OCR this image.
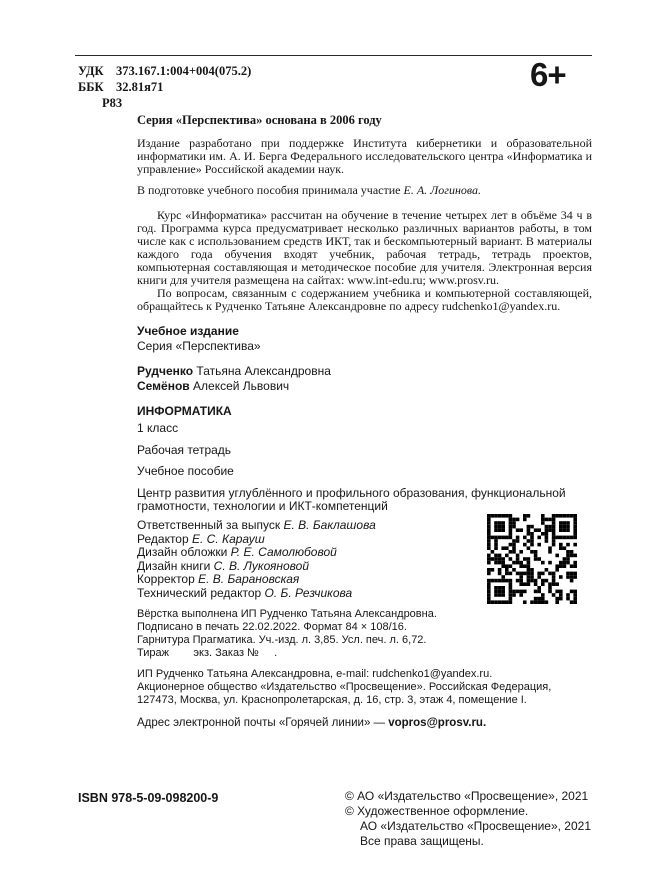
УДК 373.167.1:004+004(075.2)
ББК 32.81я71
Р83
6+
Серия «Перспектива» основана в 2006 году

Издание разработано при поддержке Института кибернетики и образовательной информатики им. А. И. Берга Федерального исследовательского центра «Информатика и управление» Российской академии наук.

В подготовке учебного пособия принимала участие Е. А. Логинова.

Курс «Информатика» рассчитан на обучение в течение четырех лет в объёме 34 ч в год. Программа курса предусматривает несколько различных вариантов работы, в том числе как с использованием средств ИКТ, так и бескомпьютерный вариант. В материалы каждого года обучения входят учебник, рабочая тетрадь, тетрадь проектов, компьютерная составляющая и методическое пособие для учителя. Электронная версия книги для учителя размещена на сайтах: www.int-edu.ru; www.prosv.ru.

По вопросам, связанным с содержанием учебника и компьютерной составляющей, обращайтесь к Рудченко Татьяне Александровне по адресу rudchenko1@yandex.ru.

Учебное издание
Серия «Перспектива»
Рудченко Татьяна Александровна
Семёнов Алексей Львович
ИНФОРМАТИКА
1 класс
Рабочая тетрадь
Учебное пособие
Центр развития углублённого и профильного образования, функциональной грамотности, технологии и ИКТ-компетенций
Ответственный за выпуск Е. В. Баклашова
Редактор Е. С. Карауш
Дизайн обложки Р. Е. Самолюбовой
Дизайн книги С. В. Лукояновой
Корректор Е. В. Барановская
Технический редактор О. Б. Резчикова
Вёрстка выполнена ИП Рудченко Татьяна Александровна.
Подписано в печать 22.02.2022. Формат 84 × 108/16.
Гарнитура Прагматика. Уч.-изд. л. 3,85. Усл. печ. л. 6,72.
Тираж        экз. Заказ №     .
ИП Рудченко Татьяна Александровна, e-mail: rudchenko1@yandex.ru.
Акционерное общество «Издательство «Просвещение». Российская Федерация, 127473, Москва, ул. Краснопролетарская, д. 16, стр. 3, этаж 4, помещение I.
Адрес электронной почты «Горячей линии» — vopros@prosv.ru.
ISBN 978-5-09-098200-9	© АО «Издательство «Просвещение», 2021
© Художественное оформление.
АО «Издательство «Просвещение», 2021
Все права защищены.
